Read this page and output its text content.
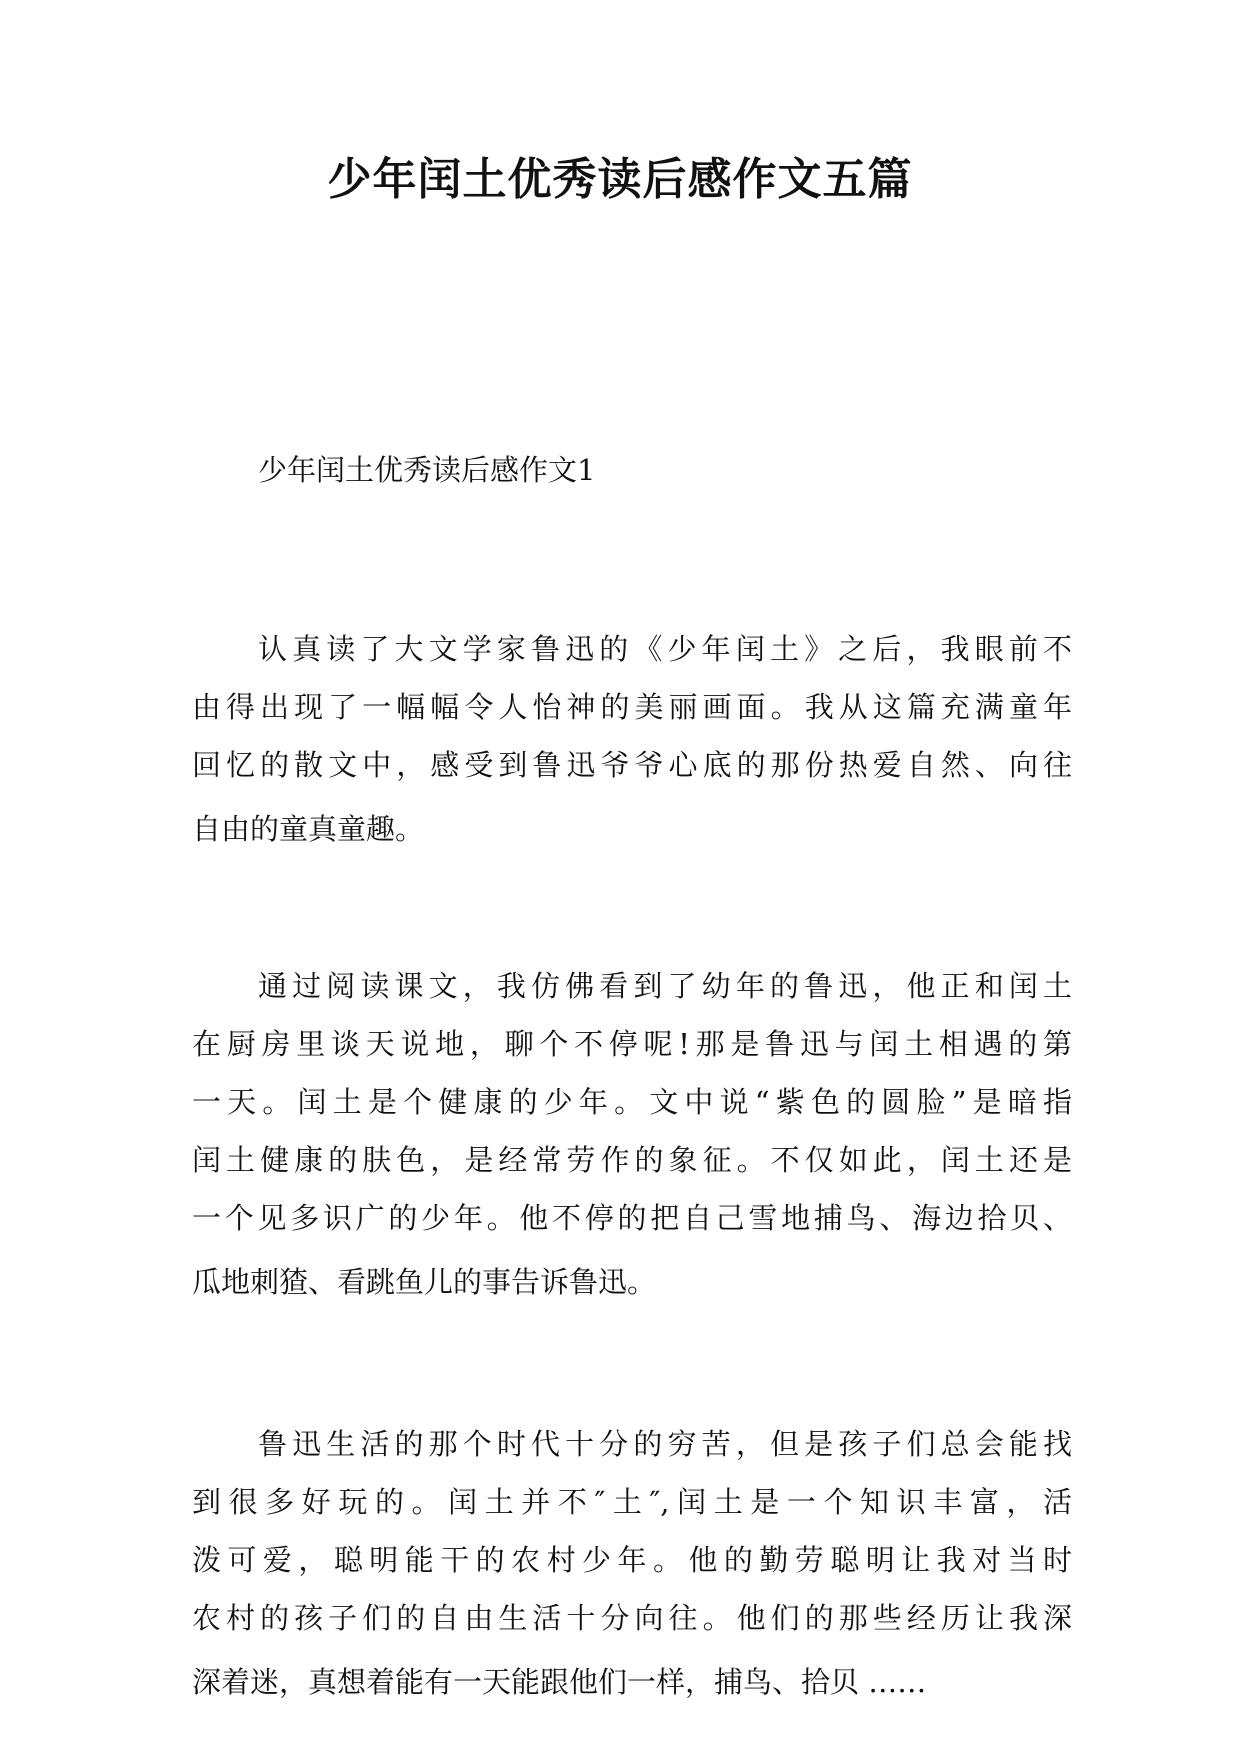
少年闰土优秀读后感作文五篇
少年闰土优秀读后感作文1
认真读了大文学家鲁迅的《少年闰土》之后，我眼前不
由得出现了一幅幅令人怡神的美丽画面。我从这篇充满童年
回忆的散文中，感受到鲁迅爷爷心底的那份热爱自然、向往
自由的童真童趣。
通过阅读课文，我仿佛看到了幼年的鲁迅，他正和闰土
在厨房里谈天说地，聊个不停呢!那是鲁迅与闰土相遇的第
一天。闰土是个健康的少年。文中说“紫色的圆脸”是暗指
闰土健康的肤色，是经常劳作的象征。不仅如此，闰土还是
一个见多识广的少年。他不停的把自己雪地捕鸟、海边拾贝、
瓜地刺猹、看跳鱼儿的事告诉鲁迅。
鲁迅生活的那个时代十分的穷苦，但是孩子们总会能找
到很多好玩的。闰土并不″土″,闰土是一个知识丰富，活
泼可爱，聪明能干的农村少年。他的勤劳聪明让我对当时
农村的孩子们的自由生活十分向往。他们的那些经历让我深
深着迷，真想着能有一天能跟他们一样，捕鸟、拾贝 ……
